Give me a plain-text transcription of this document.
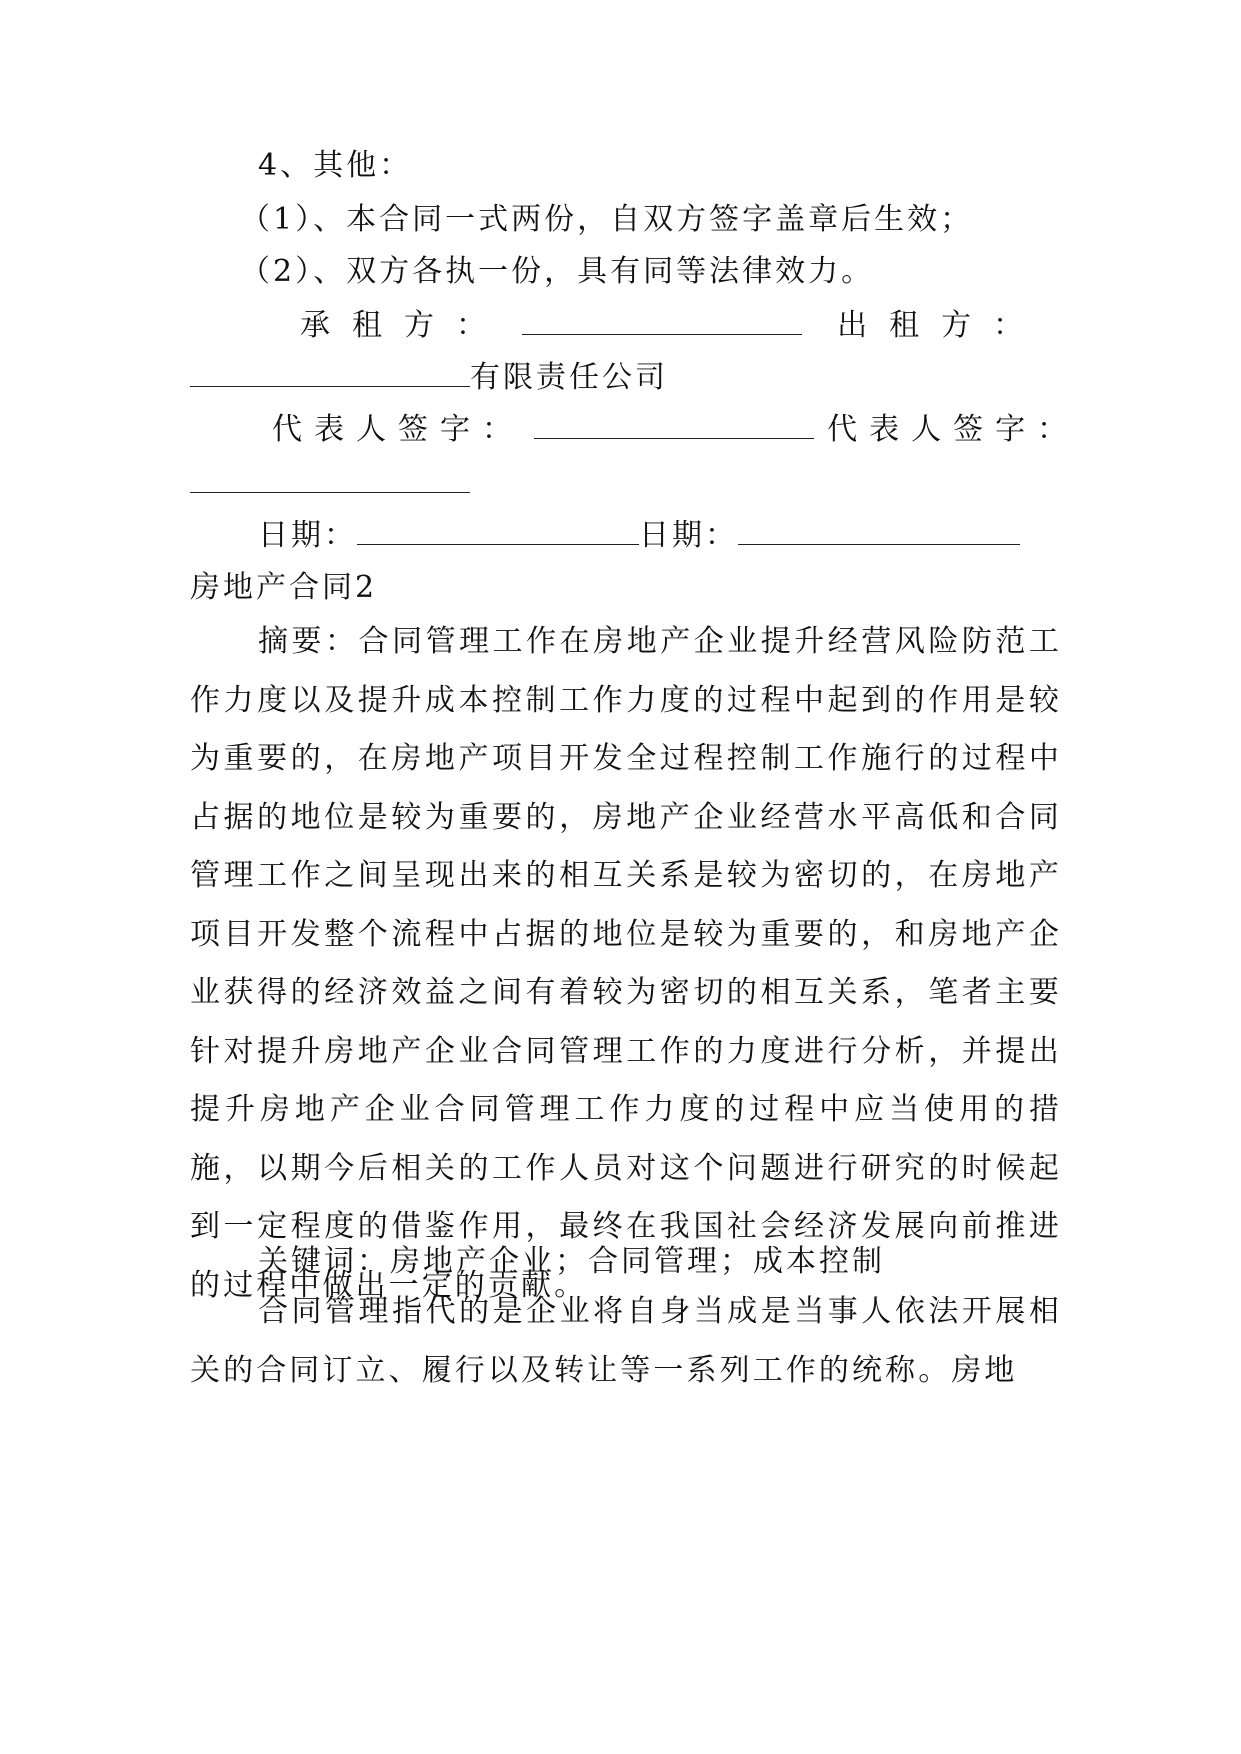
4、其他：
（1）、本合同一式两份，自双方签字盖章后生效；
（2）、双方各执一份，具有同等法律效力。
承租方：	出租方：
有限责任公司
代表人签字：	代表人签字：
日期：	日期：
房地产合同2
摘要：合同管理工作在房地产企业提升经营风险防范工作力度以及提升成本控制工作力度的过程中起到的作用是较为重要的，在房地产项目开发全过程控制工作施行的过程中占据的地位是较为重要的，房地产企业经营水平高低和合同管理工作之间呈现出来的相互关系是较为密切的，在房地产项目开发整个流程中占据的地位是较为重要的，和房地产企业获得的经济效益之间有着较为密切的相互关系，笔者主要针对提升房地产企业合同管理工作的力度进行分析，并提出提升房地产企业合同管理工作力度的过程中应当使用的措施，以期今后相关的工作人员对这个问题进行研究的时候起到一定程度的借鉴作用，最终在我国社会经济发展向前推进的过程中做出一定的贡献。
关键词：房地产企业；合同管理；成本控制
合同管理指代的是企业将自身当成是当事人依法开展相关的合同订立、履行以及转让等一系列工作的统称。房地
